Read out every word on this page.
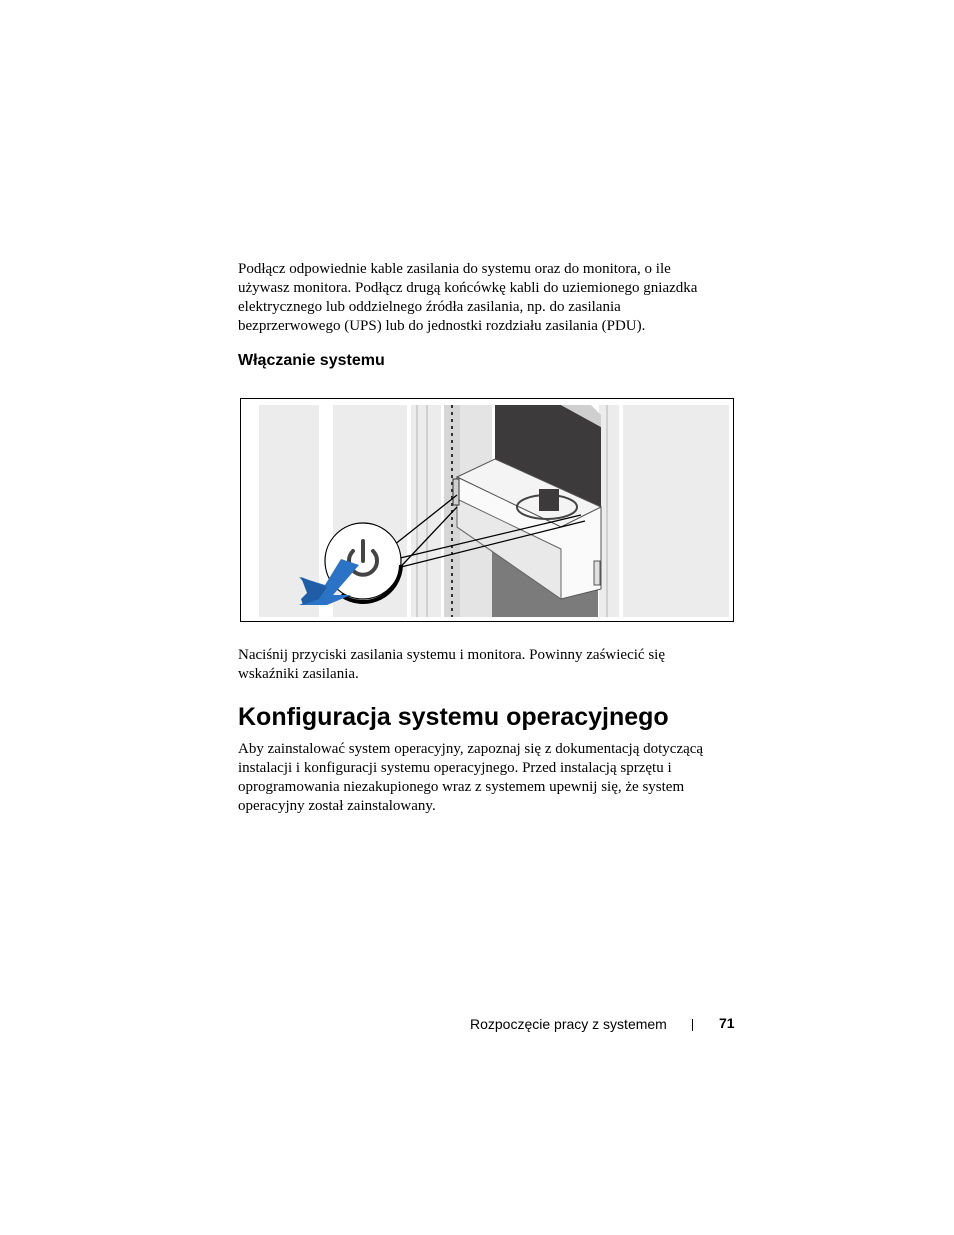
Podłącz odpowiednie kable zasilania do systemu oraz do monitora, o ile
używasz monitora. Podłącz drugą końcówkę kabli do uziemionego gniazdka
elektrycznego lub oddzielnego źródła zasilania, np. do zasilania
bezprzerwowego (UPS) lub do jednostki rozdziału zasilania (PDU).

Włączanie systemu

Naciśnij przyciski zasilania systemu i monitora. Powinny zaświecić się
wskaźniki zasilania.

Konfiguracja systemu operacyjnego

Aby zainstalować system operacyjny, zapoznaj się z dokumentacją dotyczącą
instalacji i konfiguracji systemu operacyjnego. Przed instalacją sprzętu i
oprogramowania niezakupionego wraz z systemem upewnij się, że system
operacyjny został zainstalowany.

Rozpoczęcie pracy z systemem	71
